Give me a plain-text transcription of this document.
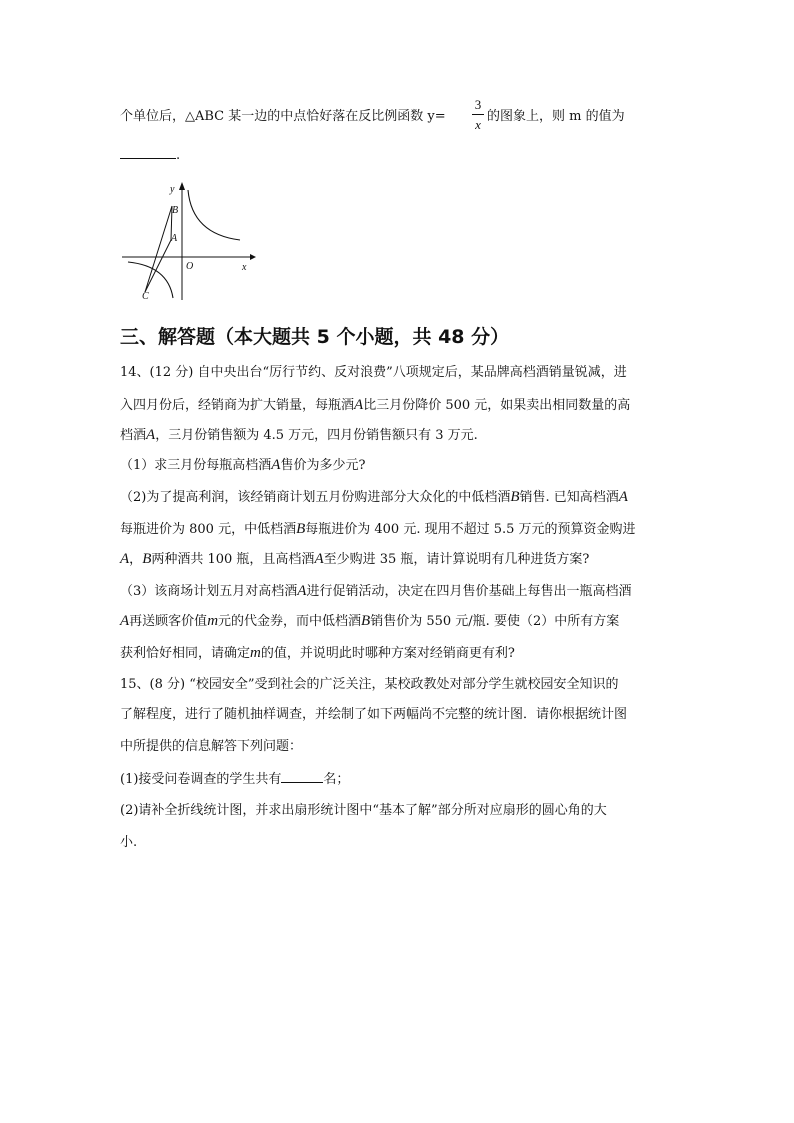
个单位后，△ABC 某一边的中点恰好落在反比例函数 y=
3
x
的图象上，则 m 的值为
.
y
x
O
A
B
C
三、解答题（本大题共 5 个小题，共 48 分）
14、(12 分) 自中央出台“厉行节约、反对浪费”八项规定后，某品牌高档酒销量锐减，进
入四月份后，经销商为扩大销量，每瓶酒A比三月份降价 500 元，如果卖出相同数量的高
档酒A，三月份销售额为 4.5 万元，四月份销售额只有 3 万元.
（1）求三月份每瓶高档酒A售价为多少元?
（2)为了提高利润，该经销商计划五月份购进部分大众化的中低档酒B销售. 已知高档酒A
每瓶进价为 800 元，中低档酒B每瓶进价为 400 元. 现用不超过 5.5 万元的预算资金购进
A，B两种酒共 100 瓶，且高档酒A至少购进 35 瓶，请计算说明有几种进货方案?
（3）该商场计划五月对高档酒A进行促销活动，决定在四月售价基础上每售出一瓶高档酒
A再送顾客价值m元的代金券，而中低档酒B销售价为 550 元/瓶. 要使（2）中所有方案
获利恰好相同，请确定m的值，并说明此时哪种方案对经销商更有利?
15、(8 分) “校园安全”受到社会的广泛关注，某校政教处对部分学生就校园安全知识的
了解程度，进行了随机抽样调查，并绘制了如下两幅尚不完整的统计图．请你根据统计图
中所提供的信息解答下列问题：
(1)接受问卷调查的学生共有	名；
(2)请补全折线统计图，并求出扇形统计图中“基本了解”部分所对应扇形的圆心角的大
小.
